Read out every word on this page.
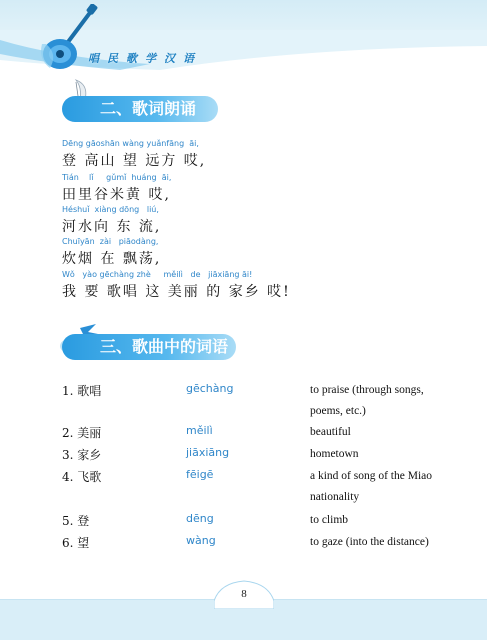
唱民歌学汉语
二、歌词朗诵
Dēng gāoshān wàng yuǎnfāng  āi,
登 高山 望 远方 哎,
Tián    lǐ     gǔmǐ  huáng  āi,
田里谷米黄 哎,
Héshuǐ  xiàng dōng   liú,
河水向 东 流,
Chuīyān  zài   piāodàng,
炊烟 在 飘荡,
Wǒ   yào gēchàng zhè     měilì   de   jiāxiāng āi!
我 要 歌唱 这 美丽 的 家乡 哎!
三、歌曲中的词语
1. 歌唱	gēchàng	to praise (through songs, poems, etc.)
2. 美丽	měilì	beautiful
3. 家乡	jiāxiāng	hometown
4. 飞歌	fēigē	a kind of song of the Miao nationality
5. 登	dēng	to climb
6. 望	wàng	to gaze (into the distance)
8
